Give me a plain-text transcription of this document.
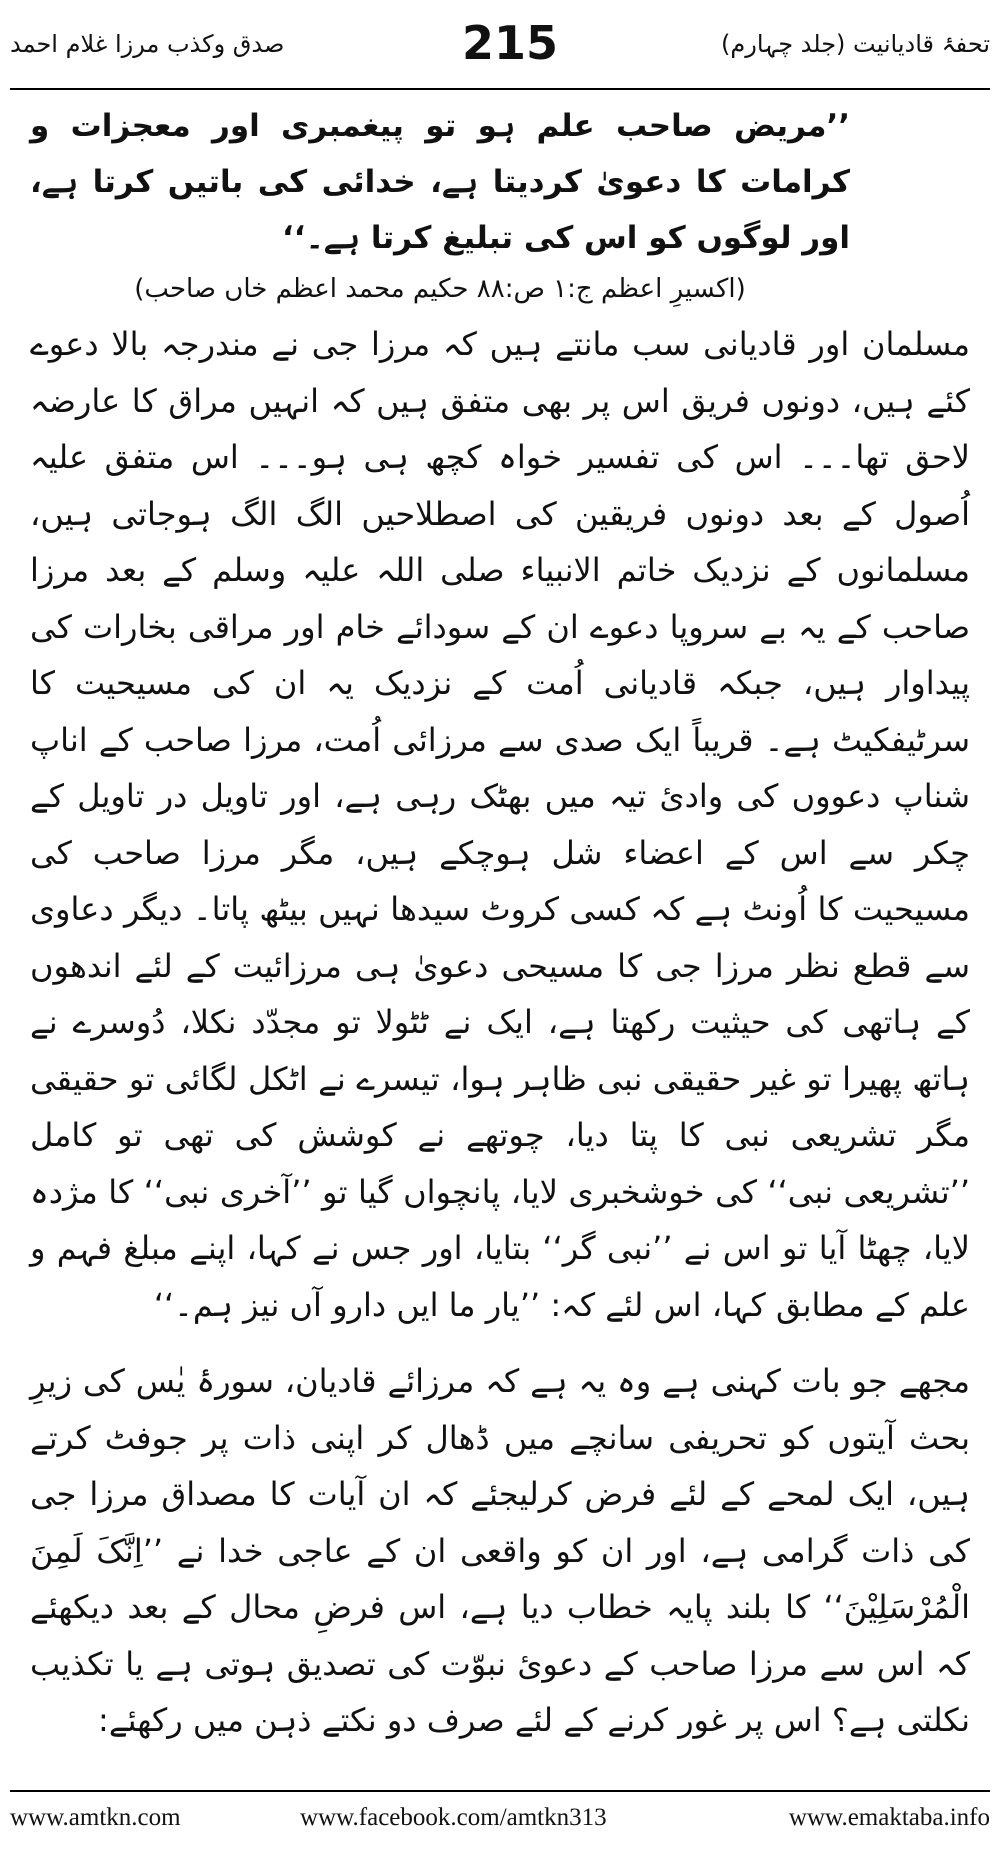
صدق وکذب مرزا غلام احمد	215	تحفۂ قادیانیت (جلد چہارم)
’’مریض صاحب علم ہو تو پیغمبری اور معجزات و کرامات کا دعویٰ کردیتا ہے، خدائی کی باتیں کرتا ہے، اور لوگوں کو اس کی تبلیغ کرتا ہے۔‘‘
(اکسیرِ اعظم ج:۱ ص:۸۸ حکیم محمد اعظم خاں صاحب)

مسلمان اور قادیانی سب مانتے ہیں کہ مرزا جی نے مندرجہ بالا دعوے کئے ہیں، دونوں فریق اس پر بھی متفق ہیں کہ انہیں مراق کا عارضہ لاحق تھا۔۔۔ اس کی تفسیر خواہ کچھ ہی ہو۔۔۔ اس متفق علیہ اُصول کے بعد دونوں فریقین کی اصطلاحیں الگ الگ ہوجاتی ہیں، مسلمانوں کے نزدیک خاتم الانبیاء صلی اللہ علیہ وسلم کے بعد مرزا صاحب کے یہ بے سروپا دعوے ان کے سودائے خام اور مراقی بخارات کی پیداوار ہیں، جبکہ قادیانی اُمت کے نزدیک یہ ان کی مسیحیت کا سرٹیفکیٹ ہے۔ قریباً ایک صدی سے مرزائی اُمت، مرزا صاحب کے اناپ شناپ دعووں کی وادیٔ تیہ میں بھٹک رہی ہے، اور تاویل در تاویل کے چکر سے اس کے اعضاء شل ہوچکے ہیں، مگر مرزا صاحب کی مسیحیت کا اُونٹ ہے کہ کسی کروٹ سیدھا نہیں بیٹھ پاتا۔ دیگر دعاوی سے قطع نظر مرزا جی کا مسیحی دعویٰ ہی مرزائیت کے لئے اندھوں کے ہاتھی کی حیثیت رکھتا ہے، ایک نے ٹٹولا تو مجدّد نکلا، دُوسرے نے ہاتھ پھیرا تو غیر حقیقی نبی ظاہر ہوا، تیسرے نے اٹکل لگائی تو حقیقی مگر تشریعی نبی کا پتا دیا، چوتھے نے کوشش کی تھی تو کامل ’’تشریعی نبی‘‘ کی خوشخبری لایا، پانچواں گیا تو ’’آخری نبی‘‘ کا مژدہ لایا، چھٹا آیا تو اس نے ’’نبی گر‘‘ بتایا، اور جس نے کہا، اپنے مبلغ فہم و علم کے مطابق کہا، اس لئے کہ: ’’یار ما ایں دارو آں نیز ہم۔‘‘

مجھے جو بات کہنی ہے وہ یہ ہے کہ مرزائے قادیان، سورۂ یٰس کی زیرِ بحث آیتوں کو تحریفی سانچے میں ڈھال کر اپنی ذات پر جوفٹ کرتے ہیں، ایک لمحے کے لئے فرض کرلیجئے کہ ان آیات کا مصداق مرزا جی کی ذات گرامی ہے، اور ان کو واقعی ان کے عاجی خدا نے ’’اِنَّکَ لَمِنَ الْمُرْسَلِیْنَ‘‘ کا بلند پایہ خطاب دیا ہے، اس فرضِ محال کے بعد دیکھئے کہ اس سے مرزا صاحب کے دعویٔ نبوّت کی تصدیق ہوتی ہے یا تکذیب نکلتی ہے؟ اس پر غور کرنے کے لئے صرف دو نکتے ذہن میں رکھئے:

www.amtkn.com	www.facebook.com/amtkn313	www.emaktaba.info
